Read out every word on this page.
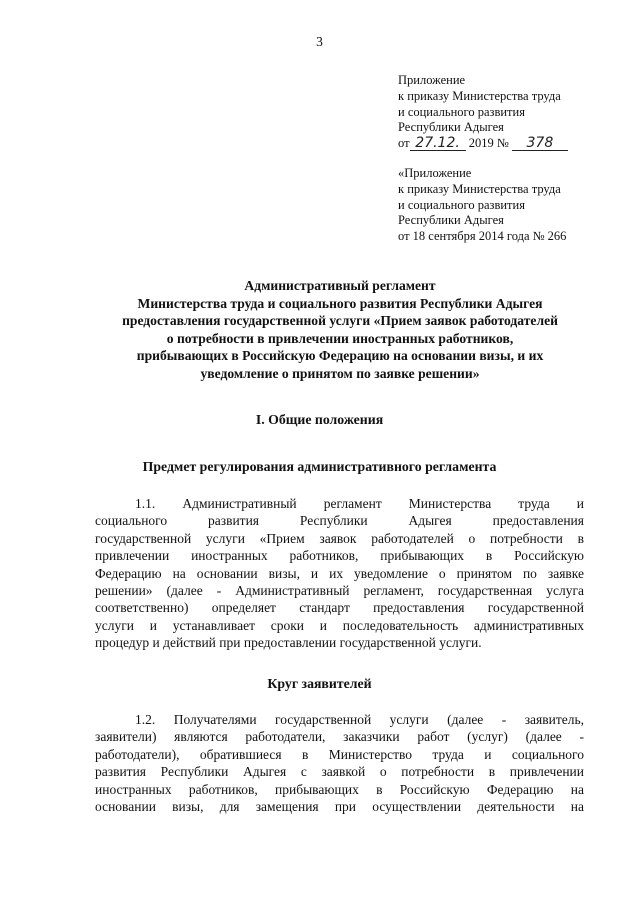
3
Приложение
к приказу Министерства труда
и социального развития
Республики Адыгея
от 27.12. 2019 № 378
«Приложение
к приказу Министерства труда
и социального развития
Республики Адыгея
от 18 сентября 2014 года № 266
Административный регламент
Министерства труда и социального развития Республики Адыгея
предоставления государственной услуги «Прием заявок работодателей
о потребности в привлечении иностранных работников,
прибывающих в Российскую Федерацию на основании визы, и их
уведомление о принятом по заявке решении»
I. Общие положения
Предмет регулирования административного регламента
1.1. Административный регламент Министерства труда и
социального развития Республики Адыгея предоставления
государственной услуги «Прием заявок работодателей о потребности в
привлечении иностранных работников, прибывающих в Российскую
Федерацию на основании визы, и их уведомление о принятом по заявке
решении» (далее - Административный регламент, государственная услуга
соответственно) определяет стандарт предоставления государственной
услуги и устанавливает сроки и последовательность административных
процедур и действий при предоставлении государственной услуги.
Круг заявителей
1.2. Получателями государственной услуги (далее - заявитель,
заявители) являются работодатели, заказчики работ (услуг) (далее -
работодатели), обратившиеся в Министерство труда и социального
развития Республики Адыгея с заявкой о потребности в привлечении
иностранных работников, прибывающих в Российскую Федерацию на
основании визы, для замещения при осуществлении деятельности на
